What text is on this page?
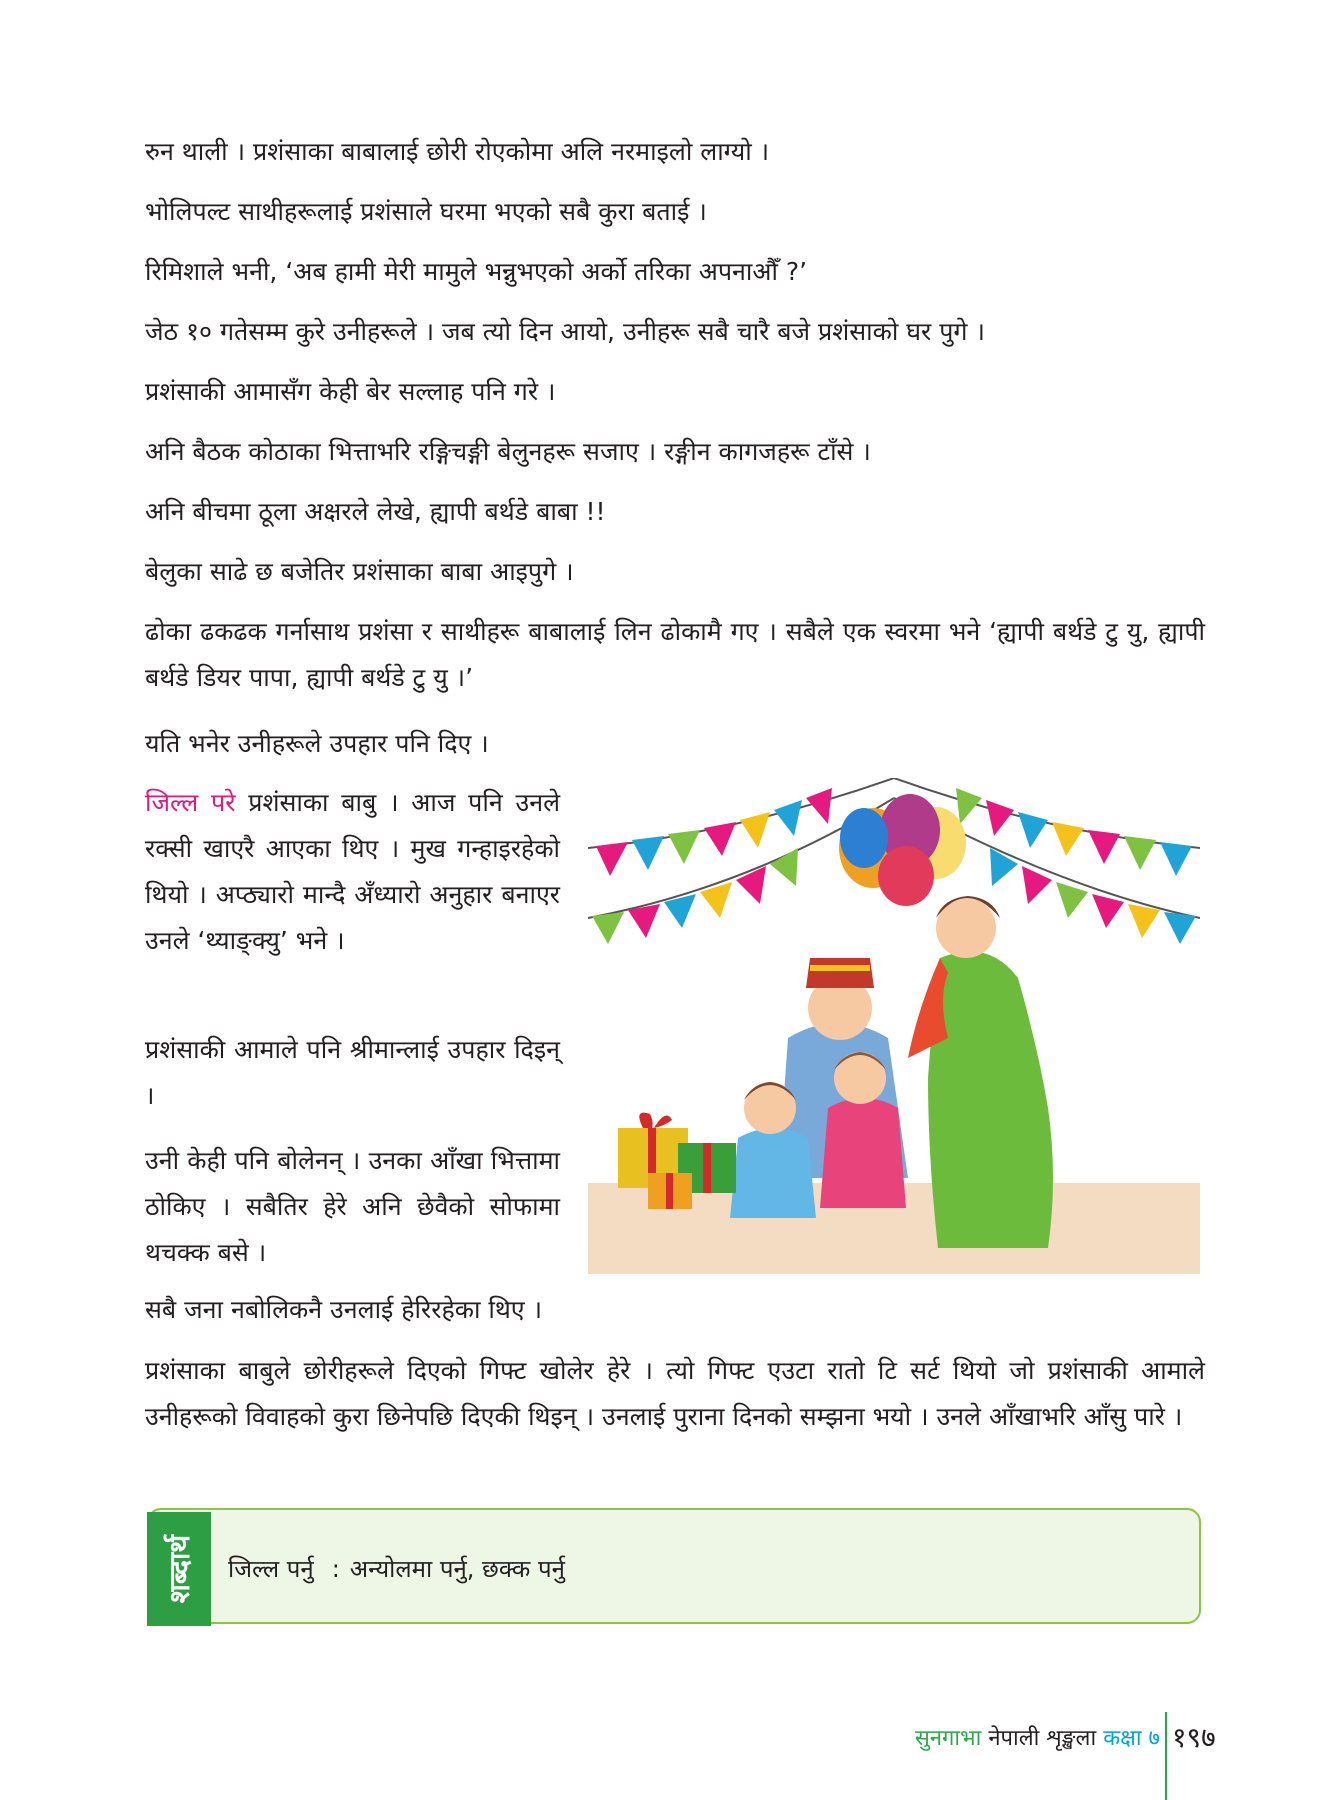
रुन थाली । प्रशंसाका बाबालाई छोरी रोएकोमा अलि नरमाइलो लाग्यो ।

भोलिपल्ट साथीहरूलाई प्रशंसाले घरमा भएको सबै कुरा बताई ।

रिमिशाले भनी, ‘अब हामी मेरी मामुले भन्नुभएको अर्को तरिका अपनाऔँ ?’

जेठ १० गतेसम्म कुरे उनीहरूले । जब त्यो दिन आयो, उनीहरू सबै चारै बजे प्रशंसाको घर पुगे ।

प्रशंसाकी आमासँग केही बेर सल्लाह पनि गरे ।

अनि बैठक कोठाका भित्ताभरि रङ्गिचङ्गी बेलुनहरू सजाए । रङ्गीन कागजहरू टाँसे ।

अनि बीचमा ठूला अक्षरले लेखे, ह्यापी बर्थडे बाबा !!

बेलुका साढे छ बजेतिर प्रशंसाका बाबा आइपुगे ।

ढोका ढकढक गर्नासाथ प्रशंसा र साथीहरू बाबालाई लिन ढोकामै गए । सबैले एक स्वरमा भने ‘ह्यापी बर्थडे टु यु, ह्यापी बर्थडे डियर पापा, ह्यापी बर्थडे टु यु ।’

यति भनेर उनीहरूले उपहार पनि दिए ।

जिल्ल परे प्रशंसाका बाबु । आज पनि उनले रक्सी खाएरै आएका थिए । मुख गन्हाइरहेको थियो । अप्ठ्यारो मान्दै अँध्यारो अनुहार बनाएर उनले ‘थ्याङ्क्यु’ भने ।

प्रशंसाकी आमाले पनि श्रीमान्लाई उपहार दिइन् ।

उनी केही पनि बोलेनन् । उनका आँखा भित्तामा ठोकिए । सबैतिर हेरे अनि छेवैको सोफामा थचक्क बसे ।

सबै जना नबोलिकनै उनलाई हेरिरहेका थिए ।

प्रशंसाका बाबुले छोरीहरूले दिएको गिफ्ट खोलेर हेरे । त्यो गिफ्ट एउटा रातो टि सर्ट थियो जो प्रशंसाकी आमाले उनीहरूको विवाहको कुरा छिनेपछि दिएकी थिइन् । उनलाई पुराना दिनको सम्झना भयो । उनले आँखाभरि आँसु पारे ।

शब्दार्थ जिल्ल पर्नु : अन्योलमा पर्नु, छक्क पर्नु
सुनगाभा नेपाली शृङ्खला कक्षा ७ १९७
